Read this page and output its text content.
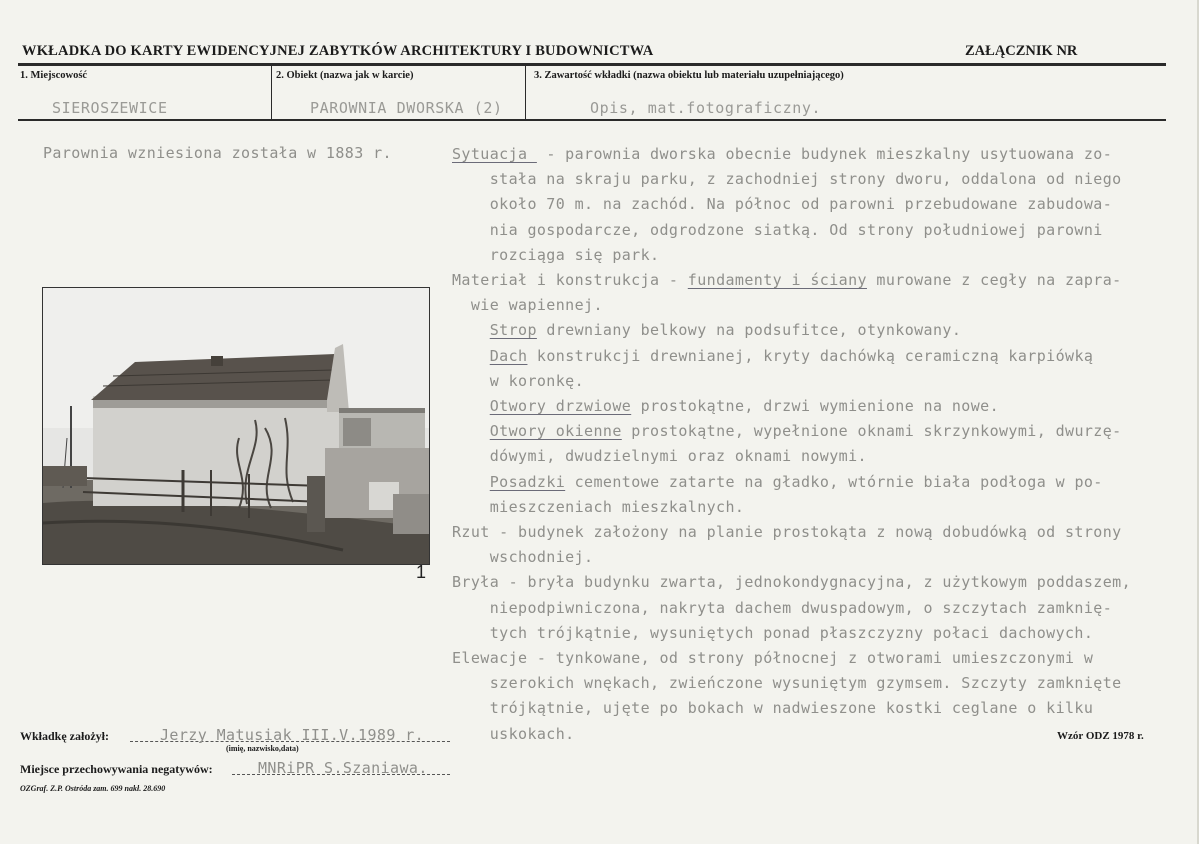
WKŁADKA DO KARTY EWIDENCYJNEJ ZABYTKÓW ARCHITEKTURY I BUDOWNICTWA	ZAŁĄCZNIK NR
1. Miejscowość	2. Obiekt (nazwa jak w karcie)	3. Zawartość wkładki (nazwa obiektu lub materiału uzupełniającego)
SIEROSZEWICE	PAROWNIA DWORSKA (2)	Opis, mat.fotograficzny.
Parownia wzniesiona została w 1883 r.
1
Sytuacja  - parownia dworska obecnie budynek mieszkalny usytuowana zo-
stała na skraju parku, z zachodniej strony dworu, oddalona od niego
około 70 m. na zachód. Na północ od parowni przebudowane zabudowa-
nia gospodarcze, odgrodzone siatką. Od strony południowej parowni
rozciąga się park.
Materiał i konstrukcja - fundamenty i ściany murowane z cegły na zapra-
wie wapiennej.
Strop drewniany belkowy na podsufitce, otynkowany.
Dach konstrukcji drewnianej, kryty dachówką ceramiczną karpiówką
w koronkę.
Otwory drzwiowe prostokątne, drzwi wymienione na nowe.
Otwory okienne prostokątne, wypełnione oknami skrzynkowymi, dwurzę-
dówymi, dwudzielnymi oraz oknami nowymi.
Posadzki cementowe zatarte na gładko, wtórnie biała podłoga w po-
mieszczeniach mieszkalnych.
Rzut - budynek założony na planie prostokąta z nową dobudówką od strony
wschodniej.
Bryła - bryła budynku zwarta, jednokondygnacyjna, z użytkowym poddaszem,
niepodpiwniczona, nakryta dachem dwuspadowym, o szczytach zamknię-
tych trójkątnie, wysuniętych ponad płaszczyzny połaci dachowych.
Elewacje - tynkowane, od strony północnej z otworami umieszczonymi w
szerokich wnękach, zwieńczone wysuniętym gzymsem. Szczyty zamknięte
trójkątnie, ujęte po bokach w nadwieszone kostki ceglane o kilku
uskokach.
Wkładkę założył:	Jerzy Matusiak III.V.1989 r.
(imię, nazwisko,data)
Miejsce przechowywania negatywów:	MNRiPR S.Szaniawa.
Wzór ODZ 1978 r.
OZGraf. Z.P. Ostróda zam. 699 nakł. 28.690
